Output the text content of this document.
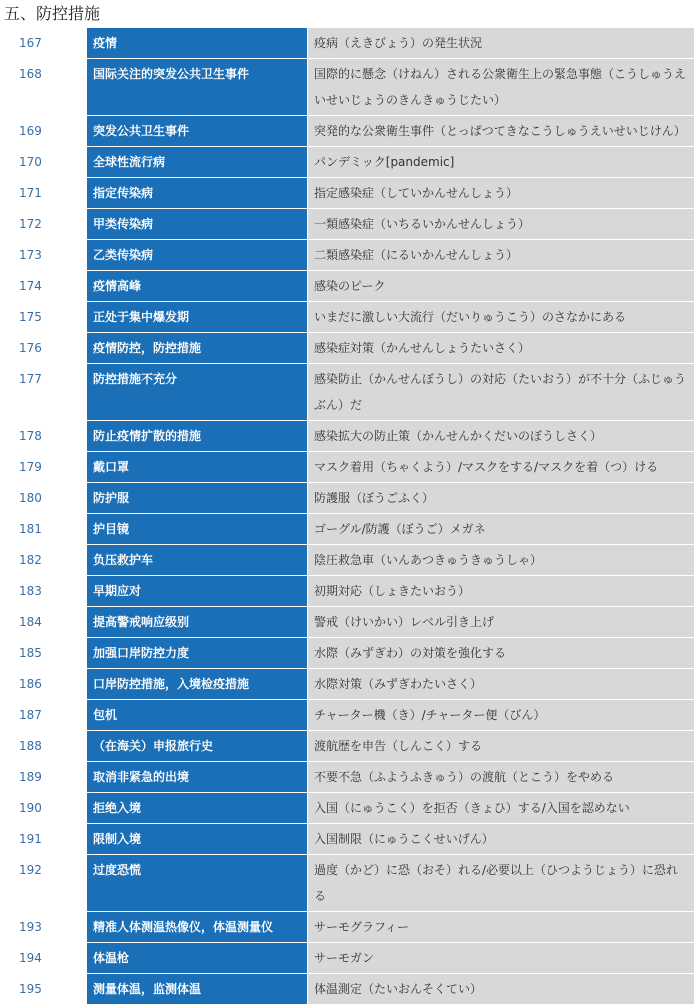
五、防控措施
167	疫情	疫病（えきびょう）の発生状況
168	国际关注的突发公共卫生事件	国際的に懸念（けねん）される公衆衛生上の緊急事態（こうしゅうえいせいじょうのきんきゅうじたい）
169	突发公共卫生事件	突発的な公衆衛生事件（とっぱつてきなこうしゅうえいせいじけん）
170	全球性流行病	パンデミック[pandemic]
171	指定传染病	指定感染症（していかんせんしょう）
172	甲类传染病	一類感染症（いちるいかんせんしょう）
173	乙类传染病	二類感染症（にるいかんせんしょう）
174	疫情高峰	感染のピーク
175	正处于集中爆发期	いまだに激しい大流行（だいりゅうこう）のさなかにある
176	疫情防控，防控措施	感染症対策（かんせんしょうたいさく）
177	防控措施不充分	感染防止（かんせんぼうし）の対応（たいおう）が不十分（ふじゅうぶん）だ
178	防止疫情扩散的措施	感染拡大の防止策（かんせんかくだいのぼうしさく）
179	戴口罩	マスク着用（ちゃくよう）/マスクをする/マスクを着（つ）ける
180	防护服	防護服（ぼうごふく）
181	护目镜	ゴーグル/防護（ぼうご）メガネ
182	负压救护车	陰圧救急車（いんあつきゅうきゅうしゃ）
183	早期应对	初期対応（しょきたいおう）
184	提高警戒响应级别	警戒（けいかい）レベル引き上げ
185	加强口岸防控力度	水際（みずぎわ）の対策を強化する
186	口岸防控措施，入境检疫措施	水際対策（みずぎわたいさく）
187	包机	チャーター機（き）/チャーター便（びん）
188	（在海关）申报旅行史	渡航歴を申告（しんこく）する
189	取消非紧急的出境	不要不急（ふようふきゅう）の渡航（とこう）をやめる
190	拒绝入境	入国（にゅうこく）を拒否（きょひ）する/入国を認めない
191	限制入境	入国制限（にゅうこくせいげん）
192	过度恐慌	過度（かど）に恐（おそ）れる/必要以上（ひつようじょう）に恐れる
193	精准人体测温热像仪，体温测量仪	サーモグラフィー
194	体温枪	サーモガン
195	测量体温，监测体温	体温測定（たいおんそくてい）
